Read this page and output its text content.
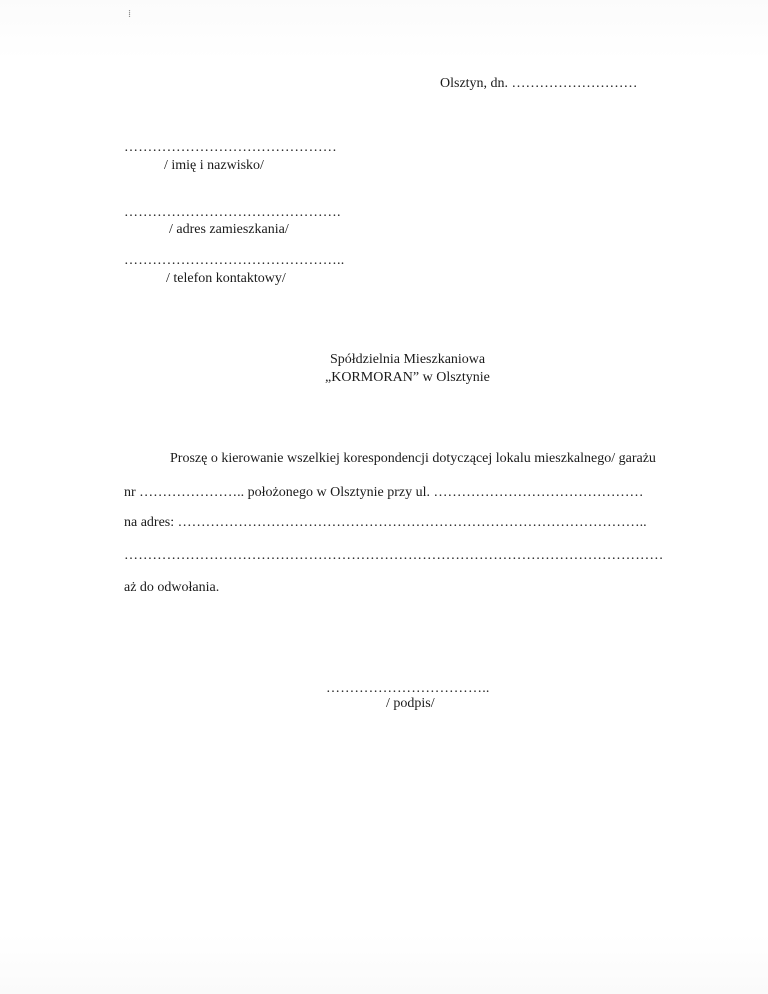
⁞
Olsztyn, dn. ………………………
………………………………………
/ imię i nazwisko/
……………………………………….
/ adres zamieszkania/
………………………………………..
/ telefon kontaktowy/
Spółdzielnia Mieszkaniowa
„KORMORAN” w Olsztynie
Proszę o kierowanie wszelkiej korespondencji dotyczącej lokalu mieszkalnego/ garażu
nr ………………….. położonego w Olsztynie przy ul. ………………………………………
na adres: ………………………………………………………………………………………..
……………………………………………………………………………………………………
aż do odwołania.
……………………………..
/ podpis/
